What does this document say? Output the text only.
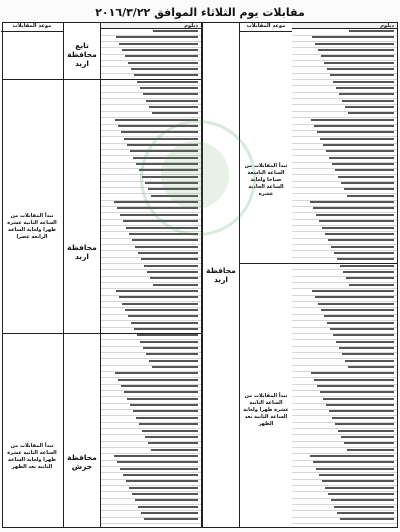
مقابلات يوم الثلاثاء الموافق ٢٠١٦/٣/٢٢
دبلوم
موعد المقابلات
تبدأ المقابلات من الساعة التاسعة صباحا ولغاية الساعة الحادية عشرة
تبدأ المقابلات من الساعة الثانية عشرة ظهرا ولغاية الساعة الثانية بعد الظهر
محافظة اربد
دبلوم
تابع محافظة اربد
محافظة اربد
محافظة جرش
موعد المقابلات
تبدأ المقابلات من الساعة الثانية عشرة ظهرا ولغاية الساعة الرابعة عصرا
تبدأ المقابلات من الساعة الثانية عشرة ظهرا ولغاية الساعة الثانية بعد الظهر
